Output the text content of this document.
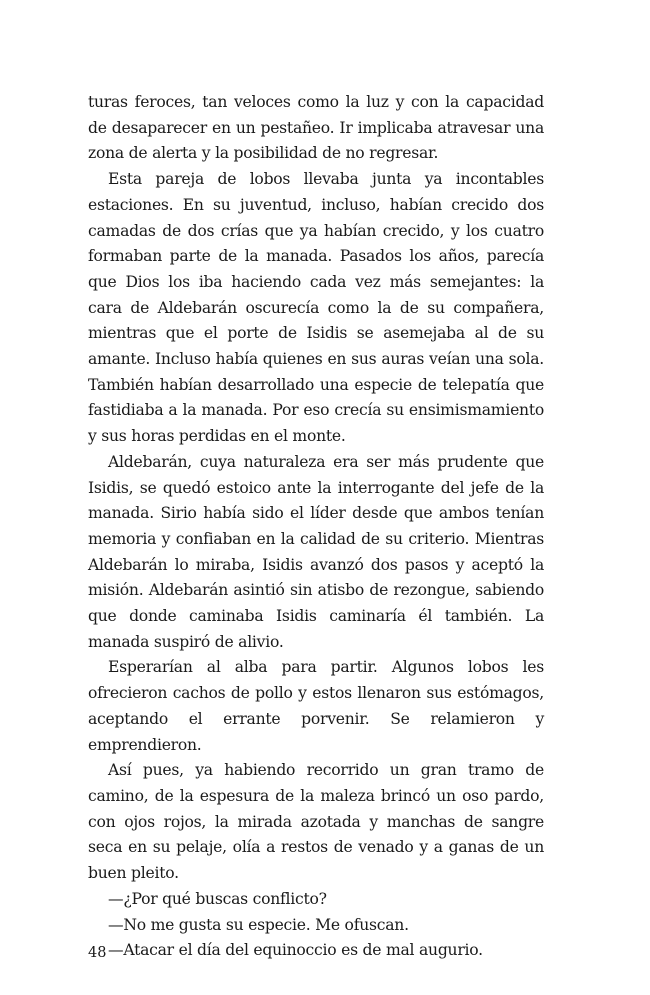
turas feroces, tan veloces como la luz y con la capacidad de desaparecer en un pestañeo. Ir implicaba atravesar una zona de alerta y la posibilidad de no regresar.

Esta pareja de lobos llevaba junta ya incontables estaciones. En su juventud, incluso, habían crecido dos camadas de dos crías que ya habían crecido, y los cuatro formaban parte de la manada. Pasados los años, parecía que Dios los iba haciendo cada vez más semejantes: la cara de Aldebarán oscurecía como la de su compañera, mientras que el porte de Isidis se asemejaba al de su amante. Incluso había quienes en sus auras veían una sola. También habían desarrollado una especie de telepatía que fastidiaba a la manada. Por eso crecía su ensimismamiento y sus horas perdidas en el monte.

Aldebarán, cuya naturaleza era ser más prudente que Isidis, se quedó estoico ante la interrogante del jefe de la manada. Sirio había sido el líder desde que ambos tenían memoria y confiaban en la calidad de su criterio. Mientras Aldebarán lo miraba, Isidis avanzó dos pasos y aceptó la misión. Aldebarán asintió sin atisbo de rezongue, sabiendo que donde caminaba Isidis caminaría él también. La manada suspiró de alivio.

Esperarían al alba para partir. Algunos lobos les ofrecieron cachos de pollo y estos llenaron sus estómagos, aceptando el errante porvenir. Se relamieron y emprendieron.

Así pues, ya habiendo recorrido un gran tramo de camino, de la espesura de la maleza brincó un oso pardo, con ojos rojos, la mirada azotada y manchas de sangre seca en su pelaje, olía a restos de venado y a ganas de un buen pleito.

—¿Por qué buscas conflicto?

—No me gusta su especie. Me ofuscan.

—Atacar el día del equinoccio es de mal augurio.

48
